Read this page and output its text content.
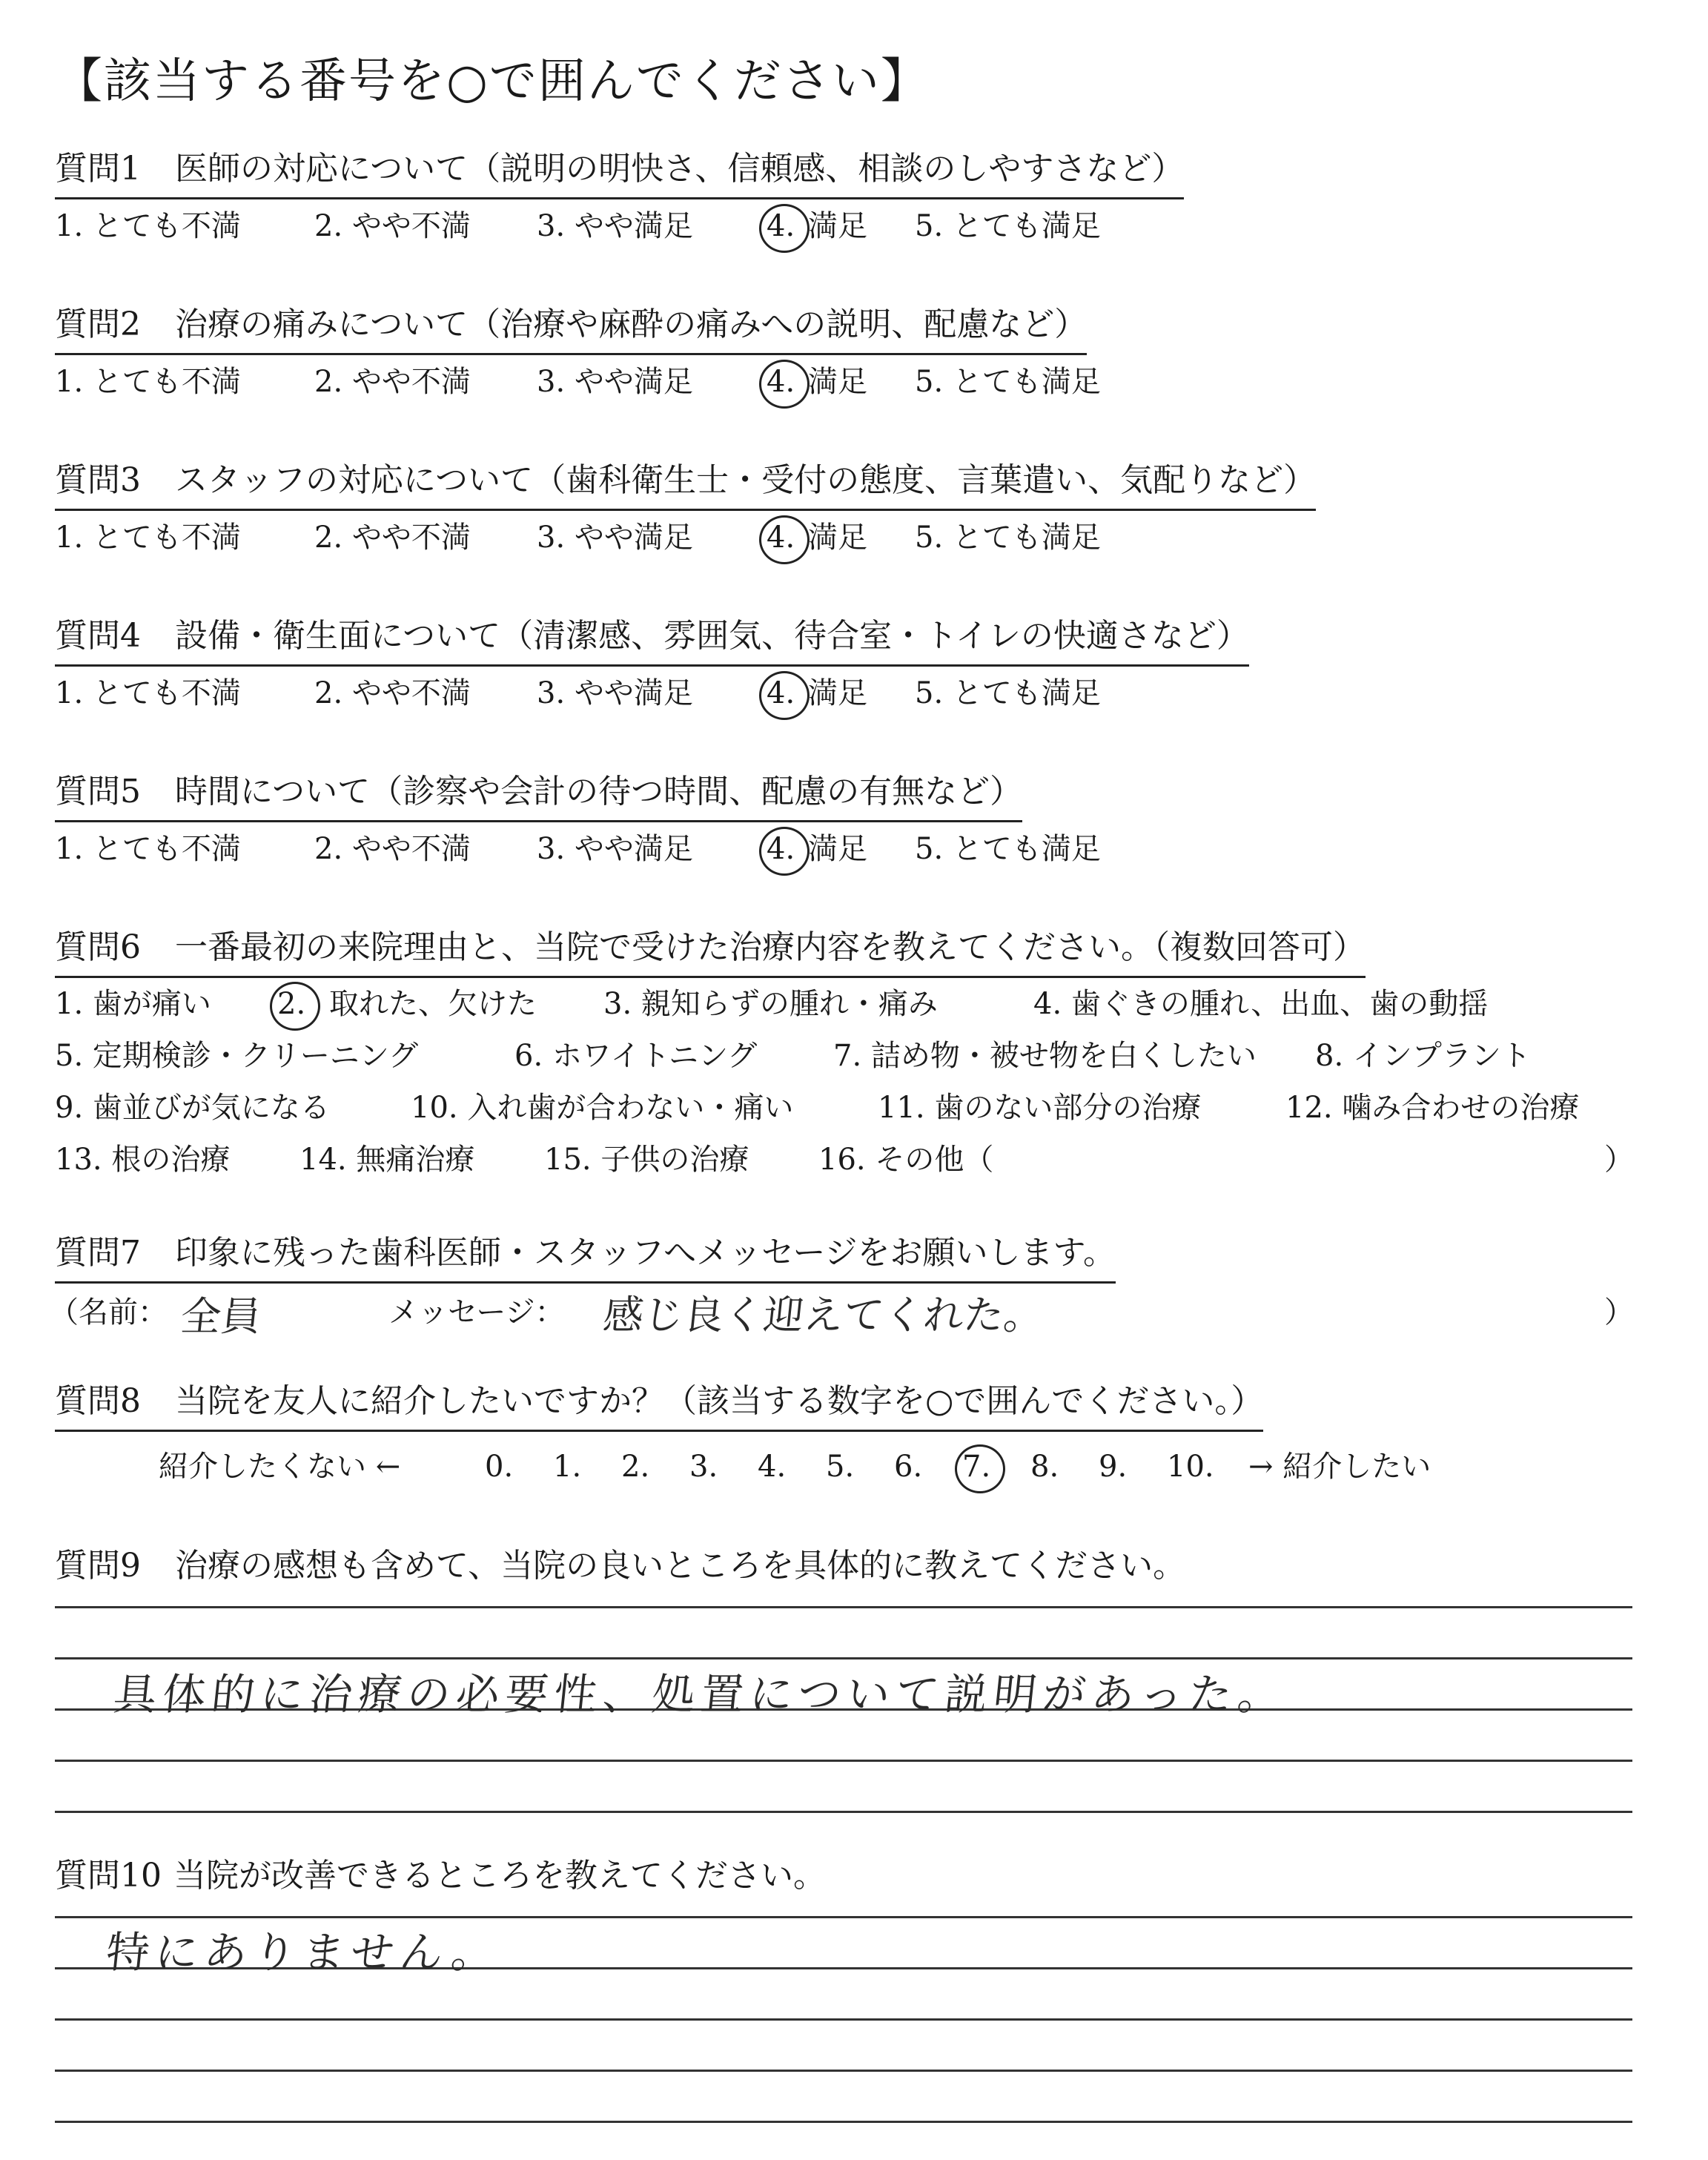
【該当する番号を○で囲んでください】
質問1 医師の対応について（説明の明快さ、信頼感、相談のしやすさなど）
1. とても不満 2. やや不満 3. やや満足 4. 満足 5. とても満足
質問2 治療の痛みについて（治療や麻酔の痛みへの説明、配慮など）
1. とても不満 2. やや不満 3. やや満足 4. 満足 5. とても満足
質問3 スタッフの対応について（歯科衛生士・受付の態度、言葉遣い、気配りなど）
1. とても不満 2. やや不満 3. やや満足 4. 満足 5. とても満足
質問4 設備・衛生面について（清潔感、雰囲気、待合室・トイレの快適さなど）
1. とても不満 2. やや不満 3. やや満足 4. 満足 5. とても満足
質問5 時間について（診察や会計の待つ時間、配慮の有無など）
1. とても不満 2. やや不満 3. やや満足 4. 満足 5. とても満足
質問6 一番最初の来院理由と、当院で受けた治療内容を教えてください。（複数回答可）
1. 歯が痛い 2. 取れた、欠けた 3. 親知らずの腫れ・痛み	4. 歯ぐきの腫れ、出血、歯の動揺
5. 定期検診・クリーニング	6. ホワイトニング	7. 詰め物・被せ物を白くしたい 8. インプラント
9. 歯並びが気になる	10. 入れ歯が合わない・痛い	11. 歯のない部分の治療	12. 噛み合わせの治療
13. 根の治療 14. 無痛治療 15. 子供の治療 16. その他（	）
質問7 印象に残った歯科医師・スタッフへメッセージをお願いします。
（名前： 全員	メッセージ： 感じ良く迎えてくれた。	）
質問8 当院を友人に紹介したいですか？（該当する数字を○で囲んでください。）
紹介したくない ←	0. 1. 2. 3. 4. 5. 6. 7. 8. 9. 10. → 紹介したい
質問9 治療の感想も含めて、当院の良いところを具体的に教えてください。
具体的に治療の必要性、処置について説明があった。
質問10 当院が改善できるところを教えてください。
特にありません。
